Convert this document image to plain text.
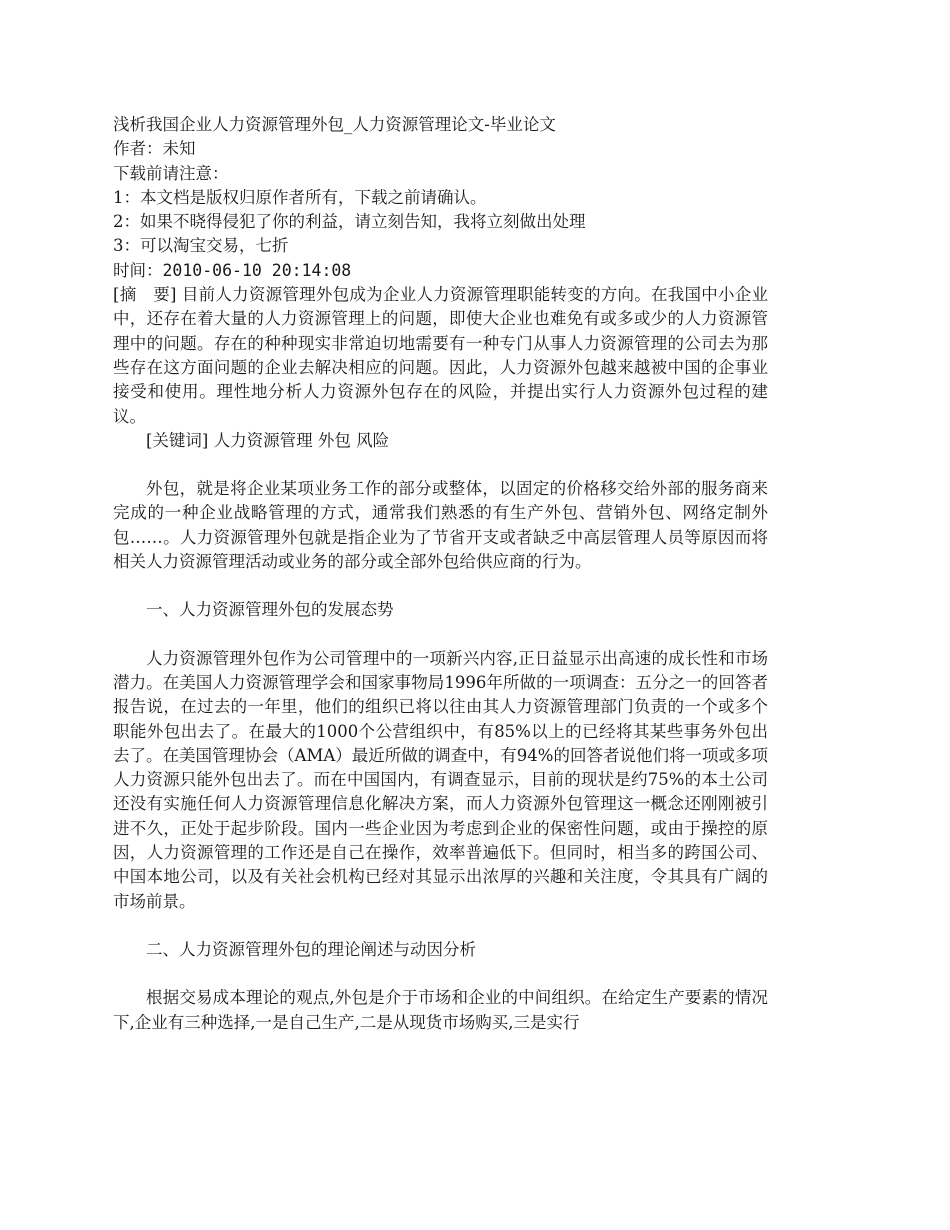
浅析我国企业人力资源管理外包_人力资源管理论文-毕业论文
作者：未知
下载前请注意：
1：本文档是版权归原作者所有，下载之前请确认。
2：如果不晓得侵犯了你的利益，请立刻告知，我将立刻做出处理
3：可以淘宝交易，七折
时间：2010-06-10 20:14:08

[摘　要] 目前人力资源管理外包成为企业人力资源管理职能转变的方向。在我国中小企业中，还存在着大量的人力资源管理上的问题，即使大企业也难免有或多或少的人力资源管理中的问题。存在的种种现实非常迫切地需要有一种专门从事人力资源管理的公司去为那些存在这方面问题的企业去解决相应的问题。因此，人力资源外包越来越被中国的企事业接受和使用。理性地分析人力资源外包存在的风险，并提出实行人力资源外包过程的建议。

[关键词] 人力资源管理 外包 风险

外包，就是将企业某项业务工作的部分或整体，以固定的价格移交给外部的服务商来完成的一种企业战略管理的方式，通常我们熟悉的有生产外包、营销外包、网络定制外包……。人力资源管理外包就是指企业为了节省开支或者缺乏中高层管理人员等原因而将相关人力资源管理活动或业务的部分或全部外包给供应商的行为。

一、人力资源管理外包的发展态势

人力资源管理外包作为公司管理中的一项新兴内容,正日益显示出高速的成长性和市场潜力。在美国人力资源管理学会和国家事物局1996年所做的一项调查：五分之一的回答者报告说，在过去的一年里，他们的组织已将以往由其人力资源管理部门负责的一个或多个职能外包出去了。在最大的1000个公营组织中，有85%以上的已经将其某些事务外包出去了。在美国管理协会（AMA）最近所做的调查中，有94%的回答者说他们将一项或多项人力资源只能外包出去了。而在中国国内，有调查显示，目前的现状是约75%的本土公司还没有实施任何人力资源管理信息化解决方案，而人力资源外包管理这一概念还刚刚被引进不久，正处于起步阶段。国内一些企业因为考虑到企业的保密性问题，或由于操控的原因，人力资源管理的工作还是自己在操作，效率普遍低下。但同时，相当多的跨国公司、中国本地公司，以及有关社会机构已经对其显示出浓厚的兴趣和关注度，令其具有广阔的市场前景。

二、人力资源管理外包的理论阐述与动因分析

根据交易成本理论的观点,外包是介于市场和企业的中间组织。在给定生产要素的情况下,企业有三种选择,一是自己生产,二是从现货市场购买,三是实行
